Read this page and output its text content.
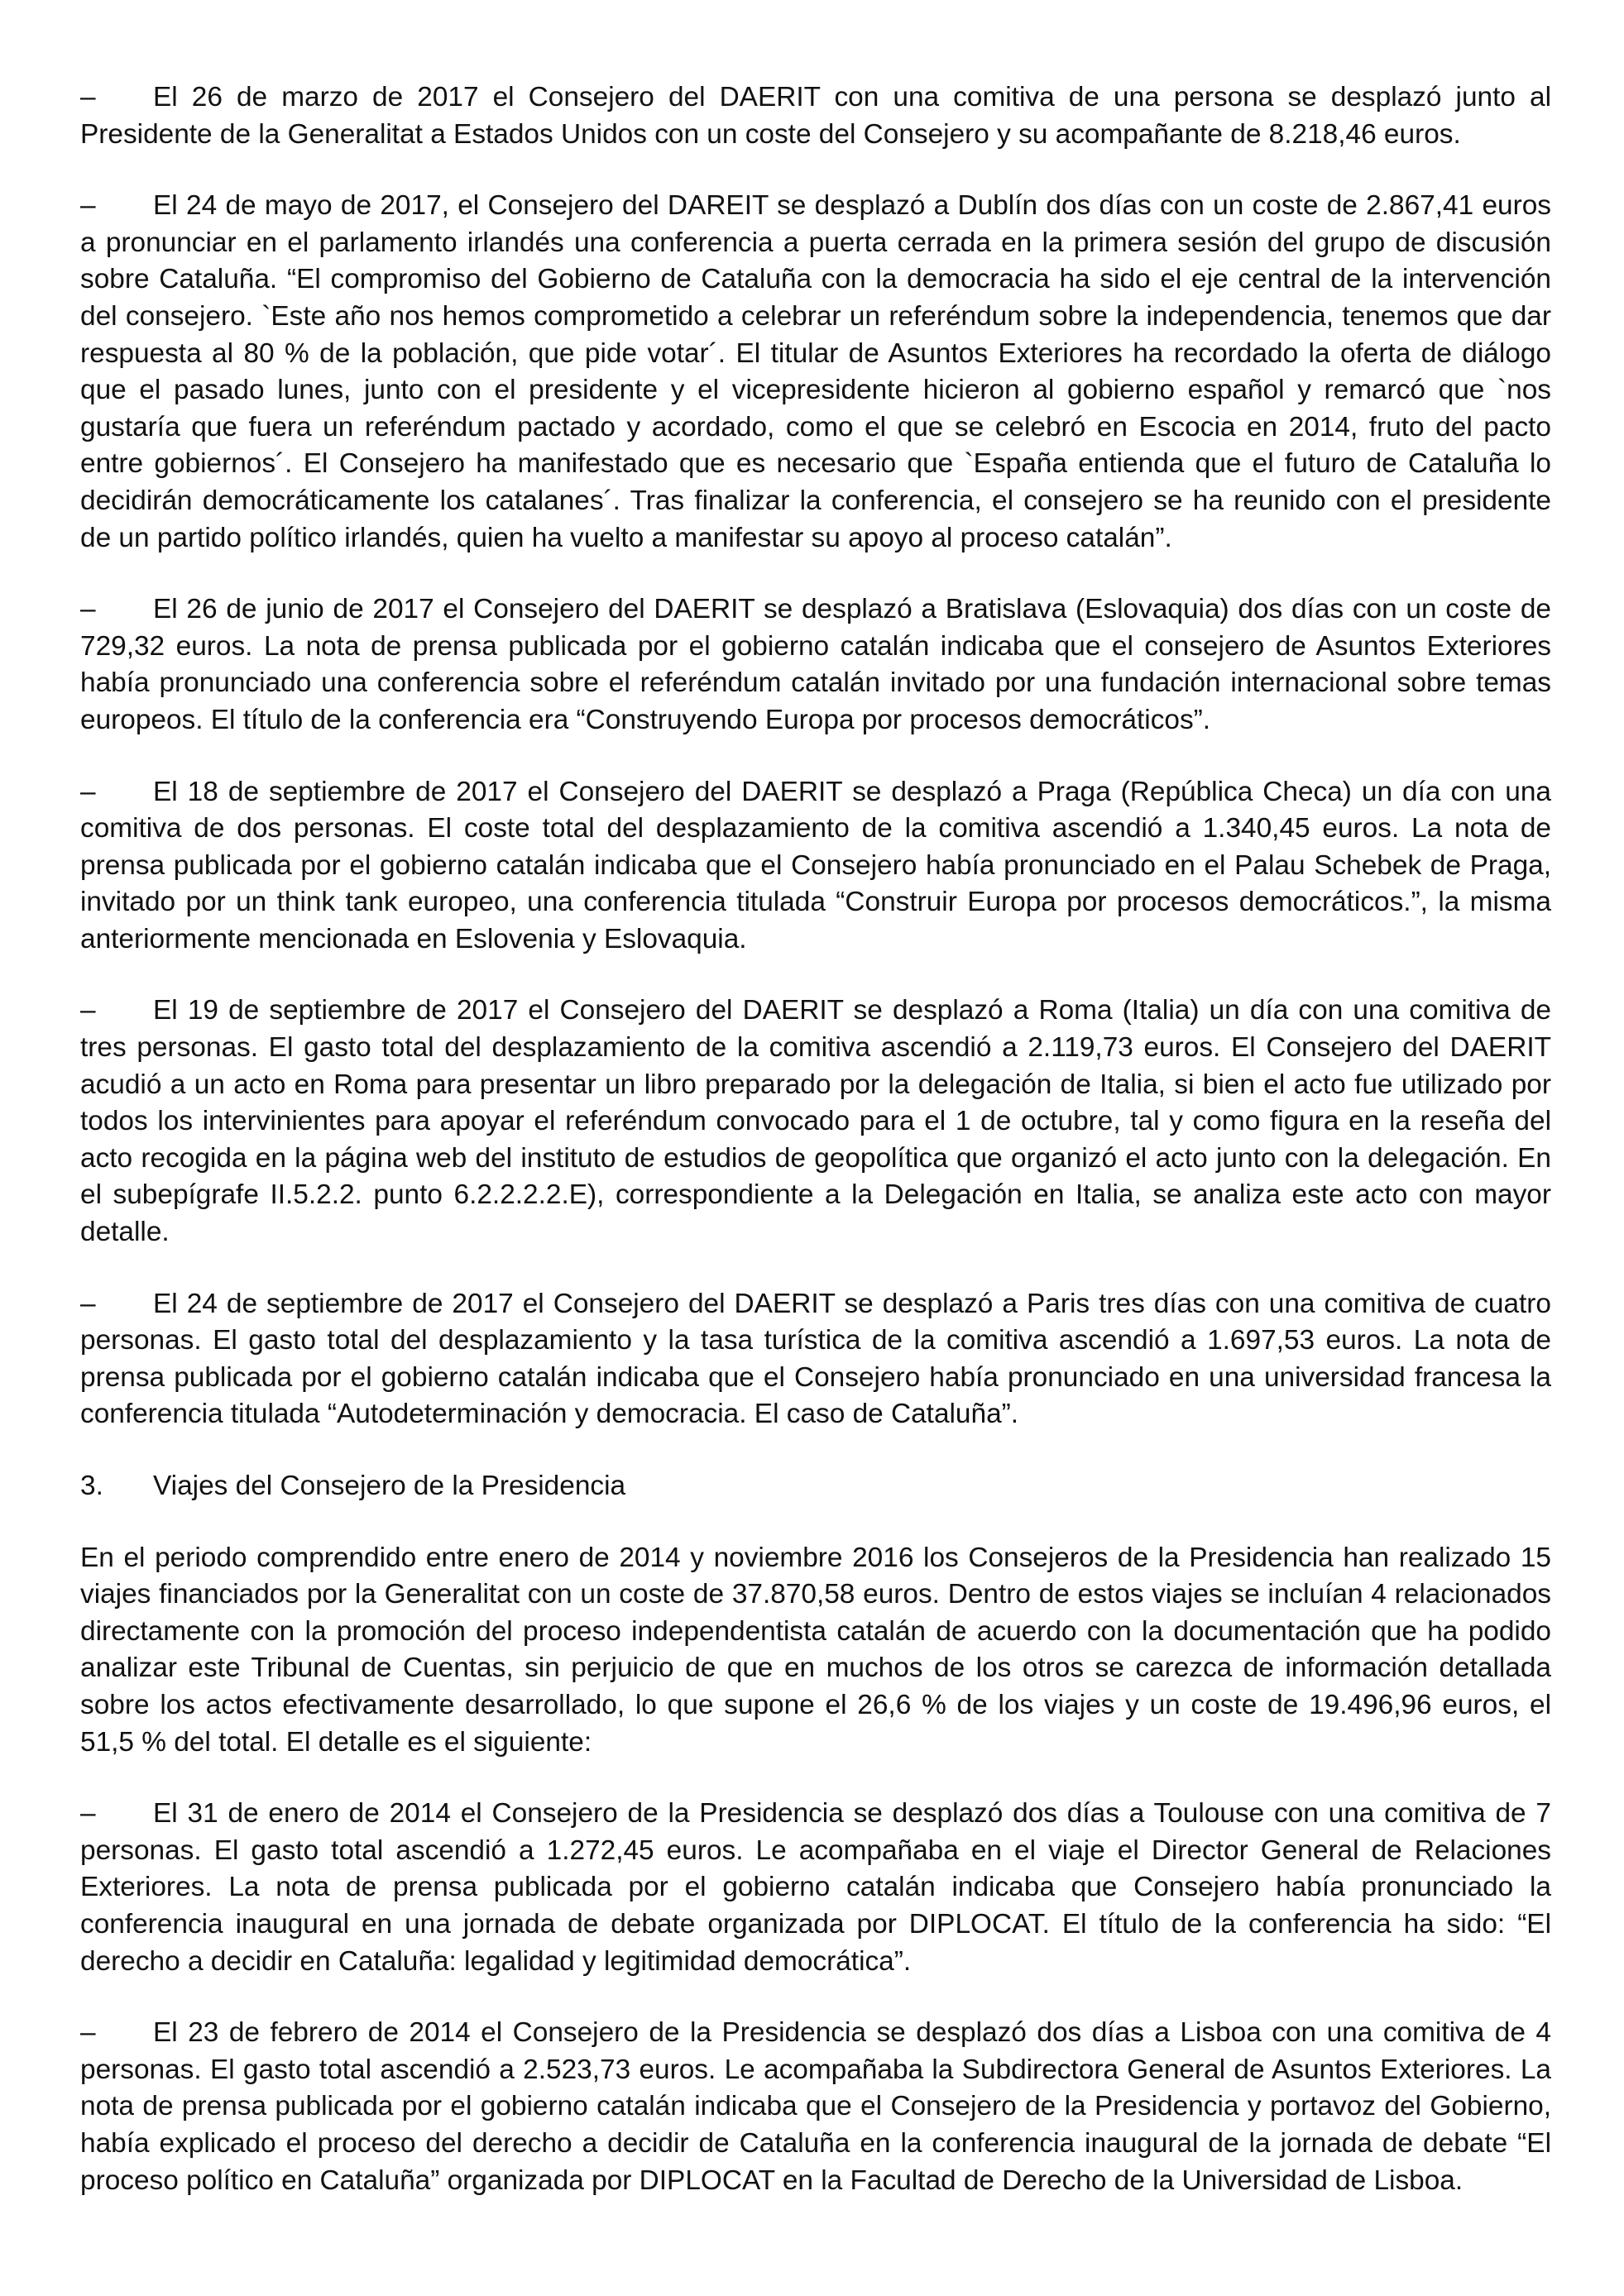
– El 26 de marzo de 2017 el Consejero del DAERIT con una comitiva de una persona se desplazó junto al Presidente de la Generalitat a Estados Unidos con un coste del Consejero y su acompañante de 8.218,46 euros.

– El 24 de mayo de 2017, el Consejero del DAREIT se desplazó a Dublín dos días con un coste de 2.867,41 euros a pronunciar en el parlamento irlandés una conferencia a puerta cerrada en la primera sesión del grupo de discusión sobre Cataluña. “El compromiso del Gobierno de Cataluña con la democracia ha sido el eje central de la intervención del consejero. `Este año nos hemos comprometido a celebrar un referéndum sobre la independencia, tenemos que dar respuesta al 80 % de la población, que pide votar´. El titular de Asuntos Exteriores ha recordado la oferta de diálogo que el pasado lunes, junto con el presidente y el vicepresidente hicieron al gobierno español y remarcó que `nos gustaría que fuera un referéndum pactado y acordado, como el que se celebró en Escocia en 2014, fruto del pacto entre gobiernos´. El Consejero ha manifestado que es necesario que `España entienda que el futuro de Cataluña lo decidirán democráticamente los catalanes´. Tras finalizar la conferencia, el consejero se ha reunido con el presidente de un partido político irlandés, quien ha vuelto a manifestar su apoyo al proceso catalán”.

– El 26 de junio de 2017 el Consejero del DAERIT se desplazó a Bratislava (Eslovaquia) dos días con un coste de 729,32 euros. La nota de prensa publicada por el gobierno catalán indicaba que el consejero de Asuntos Exteriores había pronunciado una conferencia sobre el referéndum catalán invitado por una fundación internacional sobre temas europeos. El título de la conferencia era “Construyendo Europa por procesos democráticos”.

– El 18 de septiembre de 2017 el Consejero del DAERIT se desplazó a Praga (República Checa) un día con una comitiva de dos personas. El coste total del desplazamiento de la comitiva ascendió a 1.340,45 euros. La nota de prensa publicada por el gobierno catalán indicaba que el Consejero había pronunciado en el Palau Schebek de Praga, invitado por un think tank europeo, una conferencia titulada “Construir Europa por procesos democráticos.”, la misma anteriormente mencionada en Eslovenia y Eslovaquia.

– El 19 de septiembre de 2017 el Consejero del DAERIT se desplazó a Roma (Italia) un día con una comitiva de tres personas. El gasto total del desplazamiento de la comitiva ascendió a 2.119,73 euros. El Consejero del DAERIT acudió a un acto en Roma para presentar un libro preparado por la delegación de Italia, si bien el acto fue utilizado por todos los intervinientes para apoyar el referéndum convocado para el 1 de octubre, tal y como figura en la reseña del acto recogida en la página web del instituto de estudios de geopolítica que organizó el acto junto con la delegación. En el subepígrafe II.5.2.2. punto 6.2.2.2.2.E), correspondiente a la Delegación en Italia, se analiza este acto con mayor detalle.

– El 24 de septiembre de 2017 el Consejero del DAERIT se desplazó a Paris tres días con una comitiva de cuatro personas. El gasto total del desplazamiento y la tasa turística de la comitiva ascendió a 1.697,53 euros. La nota de prensa publicada por el gobierno catalán indicaba que el Consejero había pronunciado en una universidad francesa la conferencia titulada “Autodeterminación y democracia. El caso de Cataluña”.

3. Viajes del Consejero de la Presidencia

En el periodo comprendido entre enero de 2014 y noviembre 2016 los Consejeros de la Presidencia han realizado 15 viajes financiados por la Generalitat con un coste de 37.870,58 euros. Dentro de estos viajes se incluían 4 relacionados directamente con la promoción del proceso independentista catalán de acuerdo con la documentación que ha podido analizar este Tribunal de Cuentas, sin perjuicio de que en muchos de los otros se carezca de información detallada sobre los actos efectivamente desarrollado, lo que supone el 26,6 % de los viajes y un coste de 19.496,96 euros, el 51,5 % del total. El detalle es el siguiente:

– El 31 de enero de 2014 el Consejero de la Presidencia se desplazó dos días a Toulouse con una comitiva de 7 personas. El gasto total ascendió a 1.272,45 euros. Le acompañaba en el viaje el Director General de Relaciones Exteriores. La nota de prensa publicada por el gobierno catalán indicaba que Consejero había pronunciado la conferencia inaugural en una jornada de debate organizada por DIPLOCAT. El título de la conferencia ha sido: “El derecho a decidir en Cataluña: legalidad y legitimidad democrática”.

– El 23 de febrero de 2014 el Consejero de la Presidencia se desplazó dos días a Lisboa con una comitiva de 4 personas. El gasto total ascendió a 2.523,73 euros. Le acompañaba la Subdirectora General de Asuntos Exteriores. La nota de prensa publicada por el gobierno catalán indicaba que el Consejero de la Presidencia y portavoz del Gobierno, había explicado el proceso del derecho a decidir de Cataluña en la conferencia inaugural de la jornada de debate “El proceso político en Cataluña” organizada por DIPLOCAT en la Facultad de Derecho de la Universidad de Lisboa.
